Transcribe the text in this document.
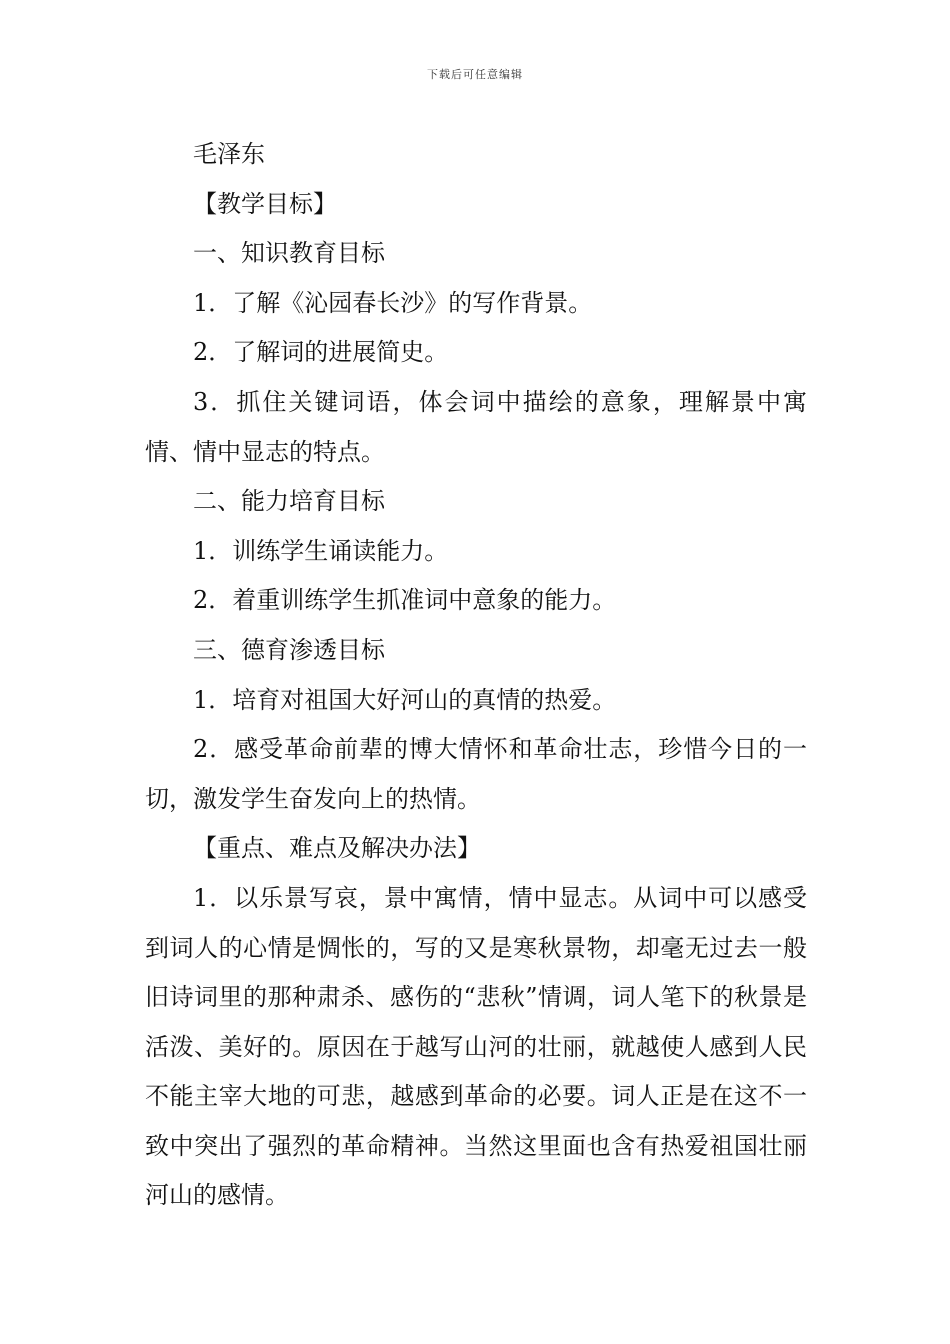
下载后可任意编辑

毛泽东

【教学目标】

一、知识教育目标

1．了解《沁园春长沙》的写作背景。

2．了解词的进展简史。

3．抓住关键词语，体会词中描绘的意象，理解景中寓情、情中显志的特点。

二、能力培育目标

1．训练学生诵读能力。

2．着重训练学生抓准词中意象的能力。

三、德育渗透目标

1．培育对祖国大好河山的真情的热爱。

2．感受革命前辈的博大情怀和革命壮志，珍惜今日的一切，激发学生奋发向上的热情。

【重点、难点及解决办法】

1．以乐景写哀，景中寓情，情中显志。从词中可以感受到词人的心情是惆怅的，写的又是寒秋景物，却毫无过去一般旧诗词里的那种肃杀、感伤的“悲秋”情调，词人笔下的秋景是活泼、美好的。原因在于越写山河的壮丽，就越使人感到人民不能主宰大地的可悲，越感到革命的必要。词人正是在这不一致中突出了强烈的革命精神。当然这里面也含有热爱祖国壮丽河山的感情。
